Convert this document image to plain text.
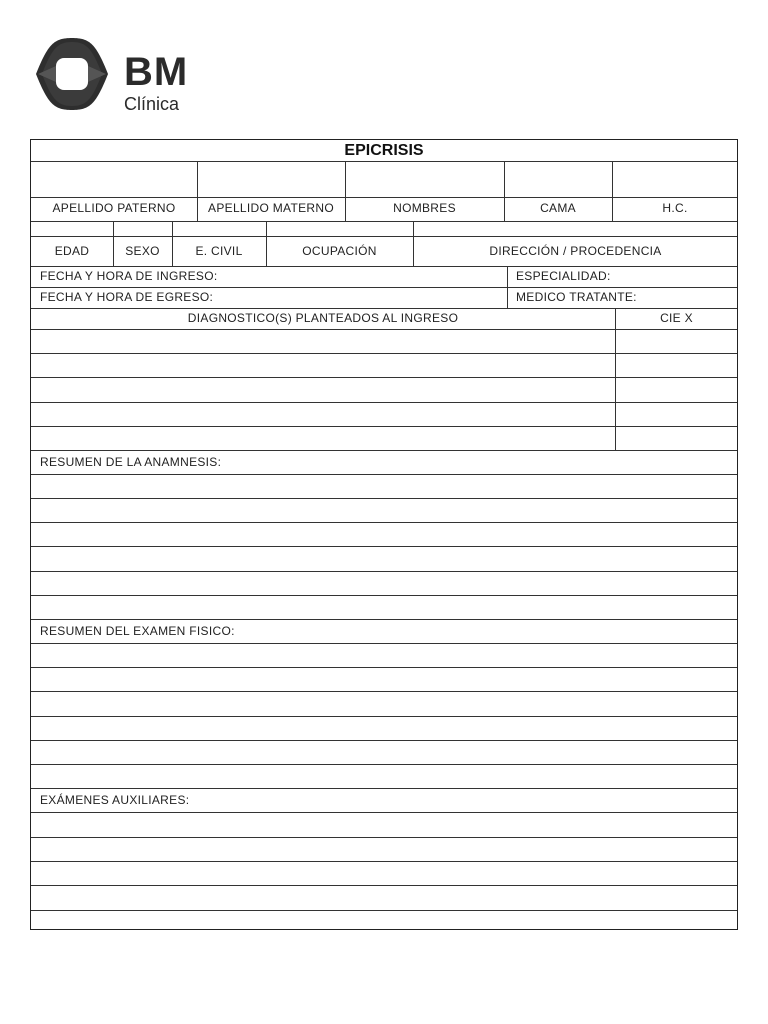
BM
Clínica
EPICRISIS
APELLIDO PATERNO	APELLIDO MATERNO	NOMBRES	CAMA	H.C.
EDAD	SEXO	E. CIVIL	OCUPACIÓN	DIRECCIÓN / PROCEDENCIA
FECHA Y HORA DE INGRESO:	ESPECIALIDAD:
FECHA Y HORA DE EGRESO:	MEDICO TRATANTE:
DIAGNOSTICO(S) PLANTEADOS AL INGRESO	CIE X
RESUMEN DE LA ANAMNESIS:
RESUMEN DEL EXAMEN FISICO:
EXÁMENES AUXILIARES:
